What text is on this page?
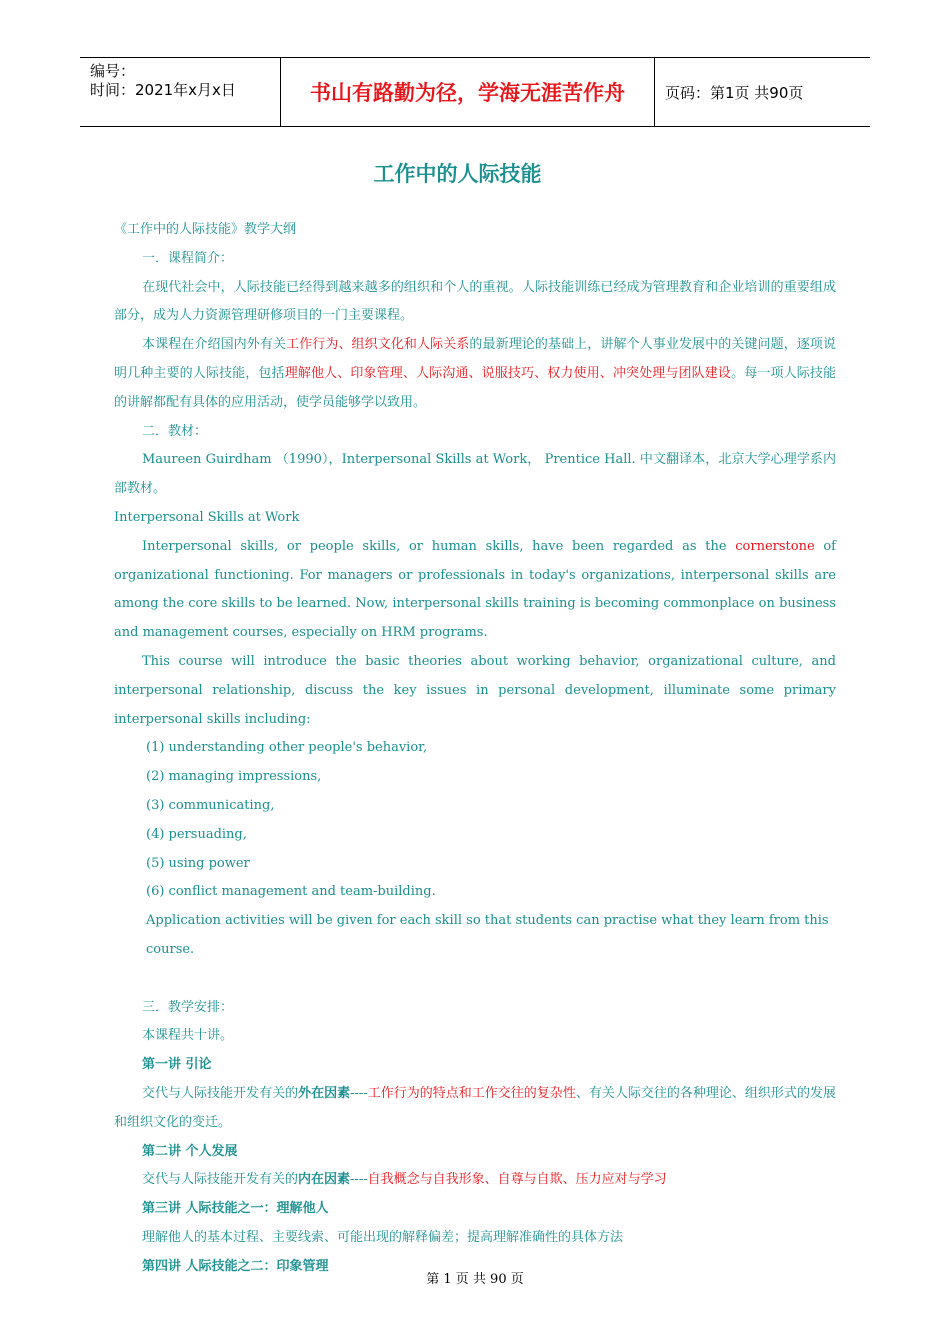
编号：
时间：2021年x月x日	书山有路勤为径，学海无涯苦作舟	页码：第1页 共90页
工作中的人际技能

《工作中的人际技能》教学大纲

一．课程简介：

在现代社会中，人际技能已经得到越来越多的组织和个人的重视。人际技能训练已经成为管理教育和企业培训的重要组成部分，成为人力资源管理研修项目的一门主要课程。

本课程在介绍国内外有关工作行为、组织文化和人际关系的最新理论的基础上，讲解个人事业发展中的关键问题，逐项说明几种主要的人际技能，包括理解他人、印象管理、人际沟通、说服技巧、权力使用、冲突处理与团队建设。每一项人际技能的讲解都配有具体的应用活动，使学员能够学以致用。

二．教材：

Maureen Guirdham （1990），Interpersonal Skills at Work， Prentice Hall. 中文翻译本，北京大学心理学系内部教材。

Interpersonal Skills at Work

Interpersonal skills, or people skills, or human skills, have been regarded as the cornerstone of organizational functioning. For managers or professionals in today's organizations, interpersonal skills are among the core skills to be learned. Now, interpersonal skills training is becoming commonplace on business and management courses, especially on HRM programs.

This course will introduce the basic theories about working behavior, organizational culture, and interpersonal relationship, discuss the key issues in personal development, illuminate some primary interpersonal skills including:

(1) understanding other people's behavior,

(2) managing impressions,

(3) communicating,

(4) persuading,

(5) using power

(6) conflict management and team-building.

Application activities will be given for each skill so that students can practise what they learn from this course.

三．教学安排：

本课程共十讲。

第一讲 引论

交代与人际技能开发有关的外在因素----工作行为的特点和工作交往的复杂性、有关人际交往的各种理论、组织形式的发展和组织文化的变迁。

第二讲 个人发展

交代与人际技能开发有关的内在因素----自我概念与自我形象、自尊与自欺、压力应对与学习

第三讲 人际技能之一：理解他人

理解他人的基本过程、主要线索、可能出现的解释偏差；提高理解准确性的具体方法

第四讲 人际技能之二：印象管理

第 1 页 共 90 页
